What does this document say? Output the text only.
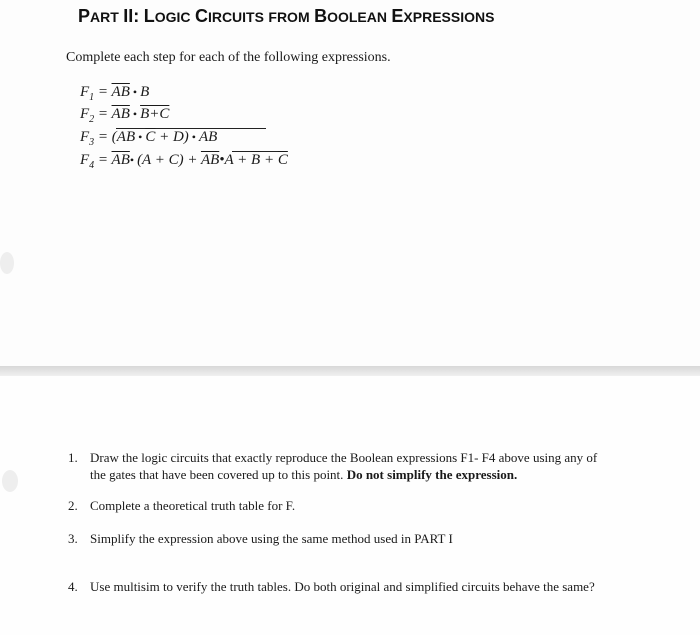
PART II: LOGIC CIRCUITS FROM BOOLEAN EXPRESSIONS
Complete each step for each of the following expressions.
$F_1 = \overline{AB}$ • B
$F_2 = \overline{AB}$ • B+C
$F_3 = (AB$ • $\overline{C} + D$) • AB
$F_4$ = $\overline{AB}•$ $(A + C) + \overline{AB}•A + \overline{B} + \overline{C}$
1. Draw the logic circuits that exactly reproduce the Boolean expressions F1- F4 above using any of the gates that have been covered up to this point. Do not simplify the expression.
2. Complete a theoretical truth table for F.
3. Simplify the expression above using the same method used in PART I
4. Use multisim to verify the truth tables. Do both original and simplified circuits behave the same?
